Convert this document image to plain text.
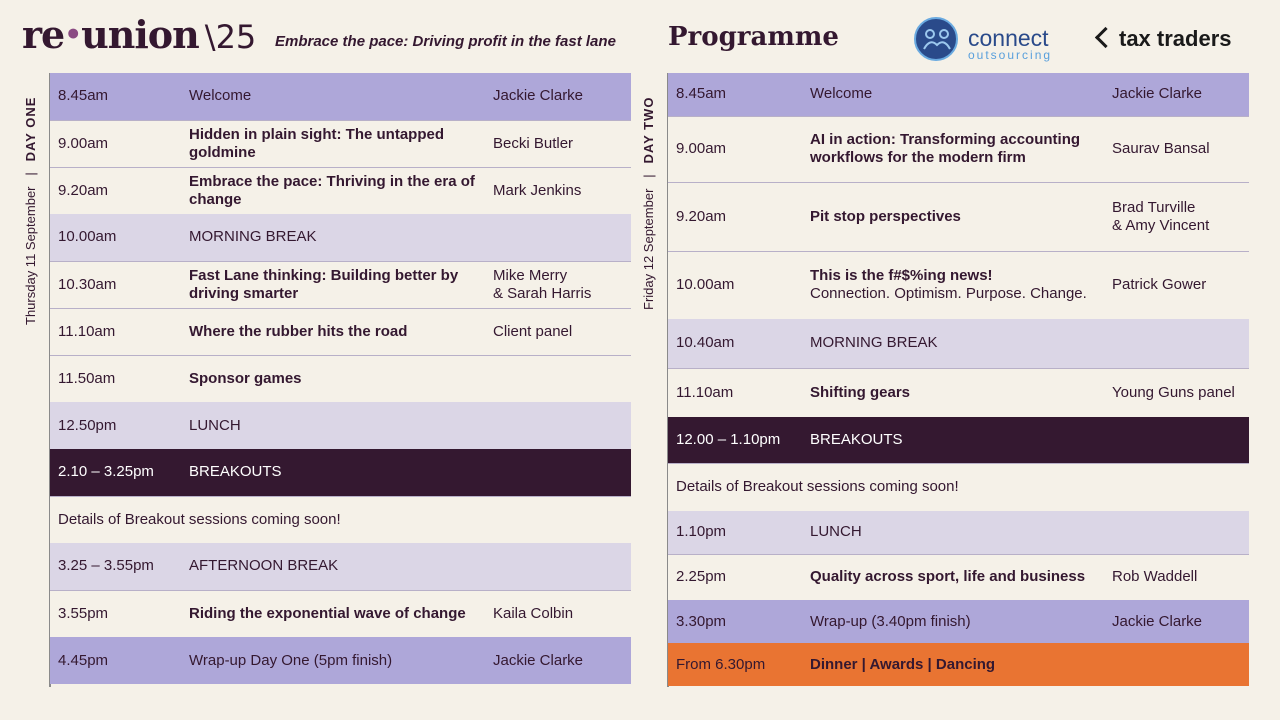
re•union \25 Embrace the pace: Driving profit in the fast lane Programme	connect
outsourcing
tax traders
Thursday 11 September   |   DAY ONE
8.45am	Welcome	Jackie Clarke
9.00am	Hidden in plain sight: The untapped goldmine	Becki Butler
9.20am	Embrace the pace: Thriving in the era of change	Mark Jenkins
10.00am	MORNING BREAK	
10.30am	Fast Lane thinking: Building better by driving smarter	Mike Merry
& Sarah Harris
11.10am	Where the rubber hits the road	Client panel
11.50am	Sponsor games	
12.50pm	LUNCH	
2.10 – 3.25pm	BREAKOUTS	
Details of Breakout sessions coming soon!		
3.25 – 3.55pm	AFTERNOON BREAK	
3.55pm	Riding the exponential wave of change	Kaila Colbin
4.45pm	Wrap-up Day One (5pm finish)	Jackie Clarke
Friday 12 September   |   DAY TWO
8.45am	Welcome	Jackie Clarke
9.00am	AI in action: Transforming accounting workflows for the modern firm	Saurav Bansal
9.20am	Pit stop perspectives	Brad Turville
& Amy Vincent
10.00am	This is the f#$%ing news!
Connection. Optimism. Purpose. Change.	Patrick Gower
10.40am	MORNING BREAK	
11.10am	Shifting gears	Young Guns panel
12.00 – 1.10pm	BREAKOUTS	
Details of Breakout sessions coming soon!		
1.10pm	LUNCH	
2.25pm	Quality across sport, life and business	Rob Waddell
3.30pm	Wrap-up (3.40pm finish)	Jackie Clarke
From 6.30pm	Dinner | Awards | Dancing	
